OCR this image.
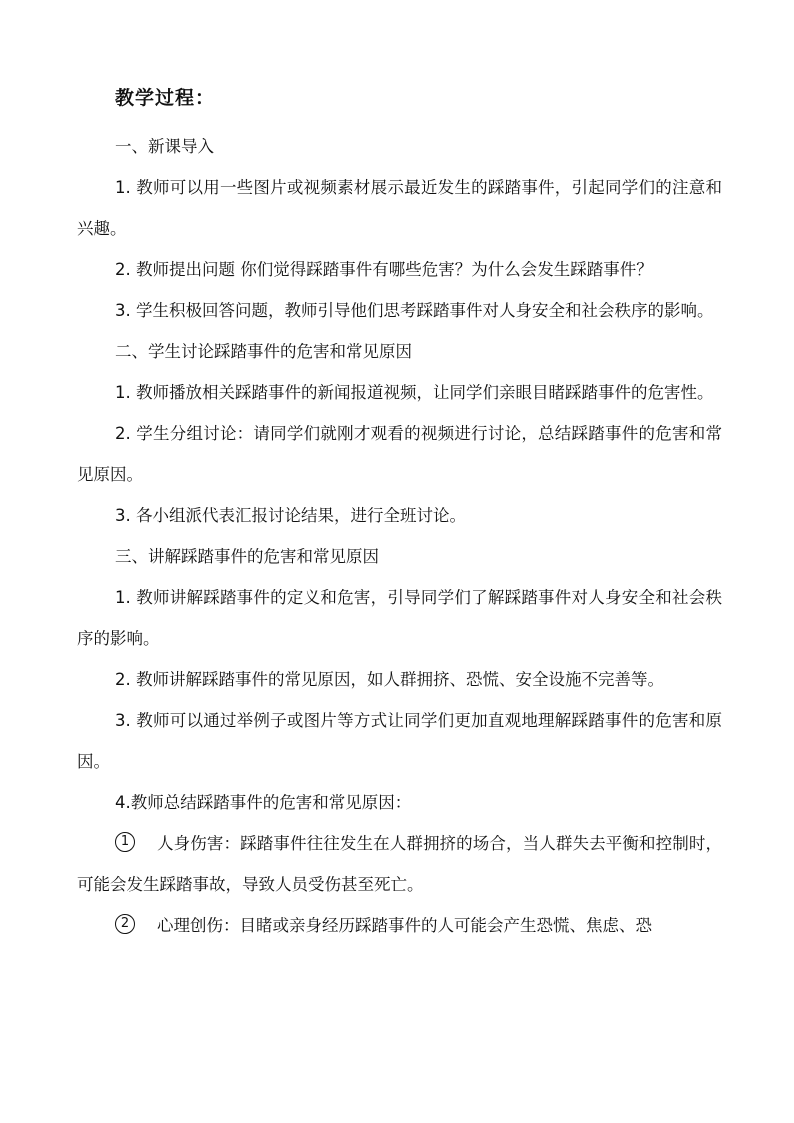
教学过程：

一、新课导入

1. 教师可以用一些图片或视频素材展示最近发生的踩踏事件，引起同学们的注意和兴趣。

2. 教师提出问题 你们觉得踩踏事件有哪些危害？为什么会发生踩踏事件？

3. 学生积极回答问题，教师引导他们思考踩踏事件对人身安全和社会秩序的影响。

二、学生讨论踩踏事件的危害和常见原因

1. 教师播放相关踩踏事件的新闻报道视频，让同学们亲眼目睹踩踏事件的危害性。

2. 学生分组讨论：请同学们就刚才观看的视频进行讨论，总结踩踏事件的危害和常见原因。

3. 各小组派代表汇报讨论结果，进行全班讨论。

三、讲解踩踏事件的危害和常见原因

1. 教师讲解踩踏事件的定义和危害，引导同学们了解踩踏事件对人身安全和社会秩序的影响。

2. 教师讲解踩踏事件的常见原因，如人群拥挤、恐慌、安全设施不完善等。

3. 教师可以通过举例子或图片等方式让同学们更加直观地理解踩踏事件的危害和原因。

4.教师总结踩踏事件的危害和常见原因：

1	人身伤害：踩踏事件往往发生在人群拥挤的场合，当人群失去平衡和控制时，可能会发生踩踏事故，导致人员受伤甚至死亡。
2	心理创伤：目睹或亲身经历踩踏事件的人可能会产生恐慌、焦虑、恐
